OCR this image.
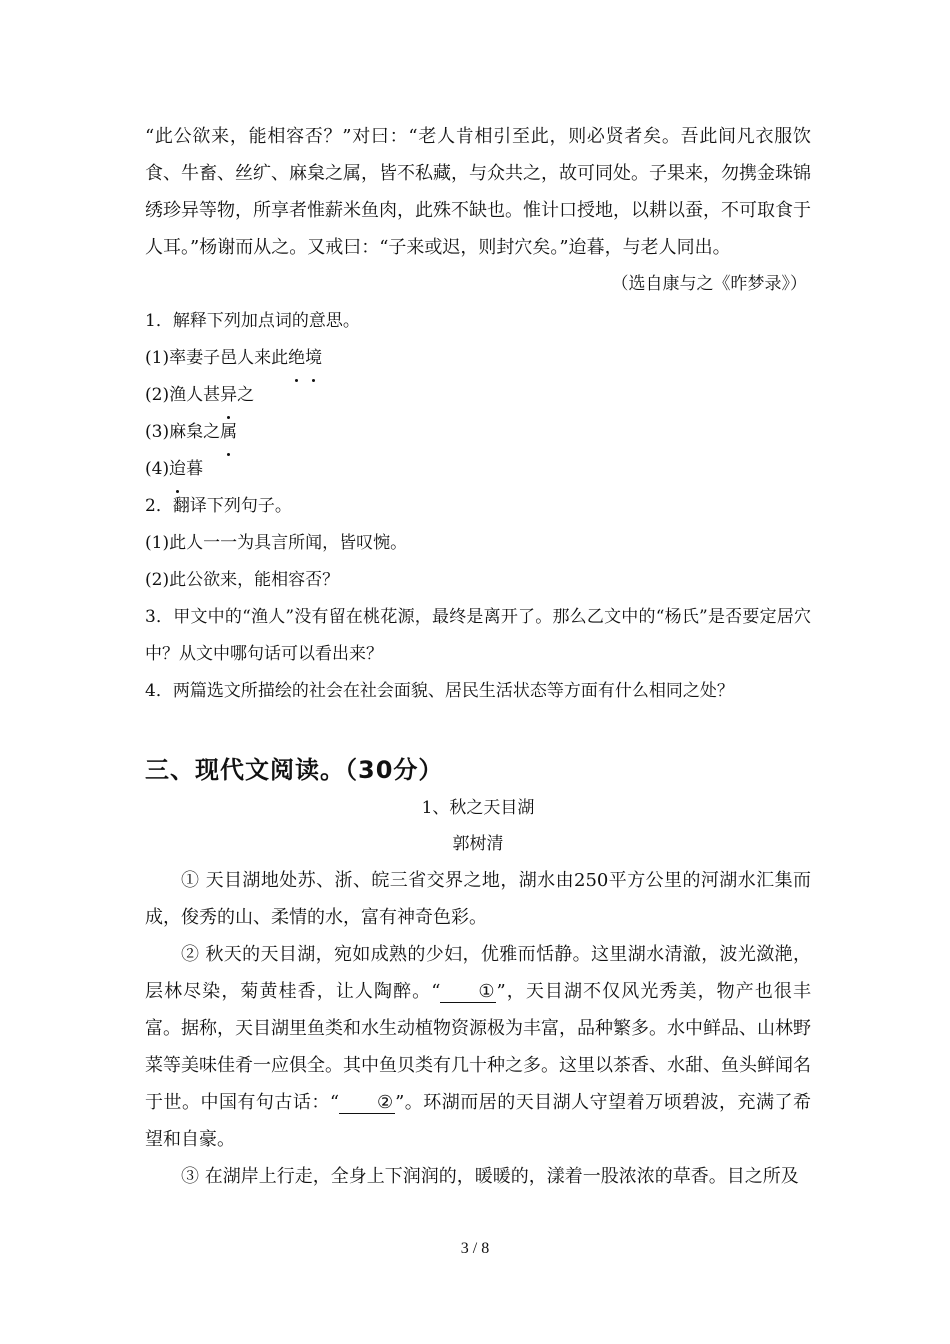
“此公欲来，能相容否？”对曰：“老人肯相引至此，则必贤者矣。吾此间凡衣服饮食、牛畜、丝纩、麻枲之属，皆不私藏，与众共之，故可同处。子果来，勿携金珠锦绣珍异等物，所享者惟薪米鱼肉，此殊不缺也。惟计口授地，以耕以蚕，不可取食于人耳。”杨谢而从之。又戒曰：“子来或迟，则封穴矣。”迨暮，与老人同出。

（选自康与之《昨梦录》）

1．解释下列加点词的意思。

(1)率妻子邑人来此绝境

(2)渔人甚异之

(3)麻枲之属

(4)迨暮

2．翻译下列句子。

(1)此人一一为具言所闻，皆叹惋。

(2)此公欲来，能相容否？

3．甲文中的“渔人”没有留在桃花源，最终是离开了。那么乙文中的“杨氏”是否要定居穴中？从文中哪句话可以看出来？

4．两篇选文所描绘的社会在社会面貌、居民生活状态等方面有什么相同之处？

三、现代文阅读。（30分）

1、秋之天目湖

郭树清

① 天目湖地处苏、浙、皖三省交界之地，湖水由250平方公里的河湖水汇集而成，俊秀的山、柔情的水，富有神奇色彩。

② 秋天的天目湖，宛如成熟的少妇，优雅而恬静。这里湖水清澈，波光潋滟，层林尽染，菊黄桂香，让人陶醉。“ ① ”，天目湖不仅风光秀美，物产也很丰富。据称，天目湖里鱼类和水生动植物资源极为丰富，品种繁多。水中鲜品、山林野菜等美味佳肴一应俱全。其中鱼贝类有几十种之多。这里以茶香、水甜、鱼头鲜闻名于世。中国有句古话：“ ② ”。环湖而居的天目湖人守望着万顷碧波，充满了希望和自豪。

③ 在湖岸上行走，全身上下润润的，暖暖的，漾着一股浓浓的草香。目之所及

3 / 8
